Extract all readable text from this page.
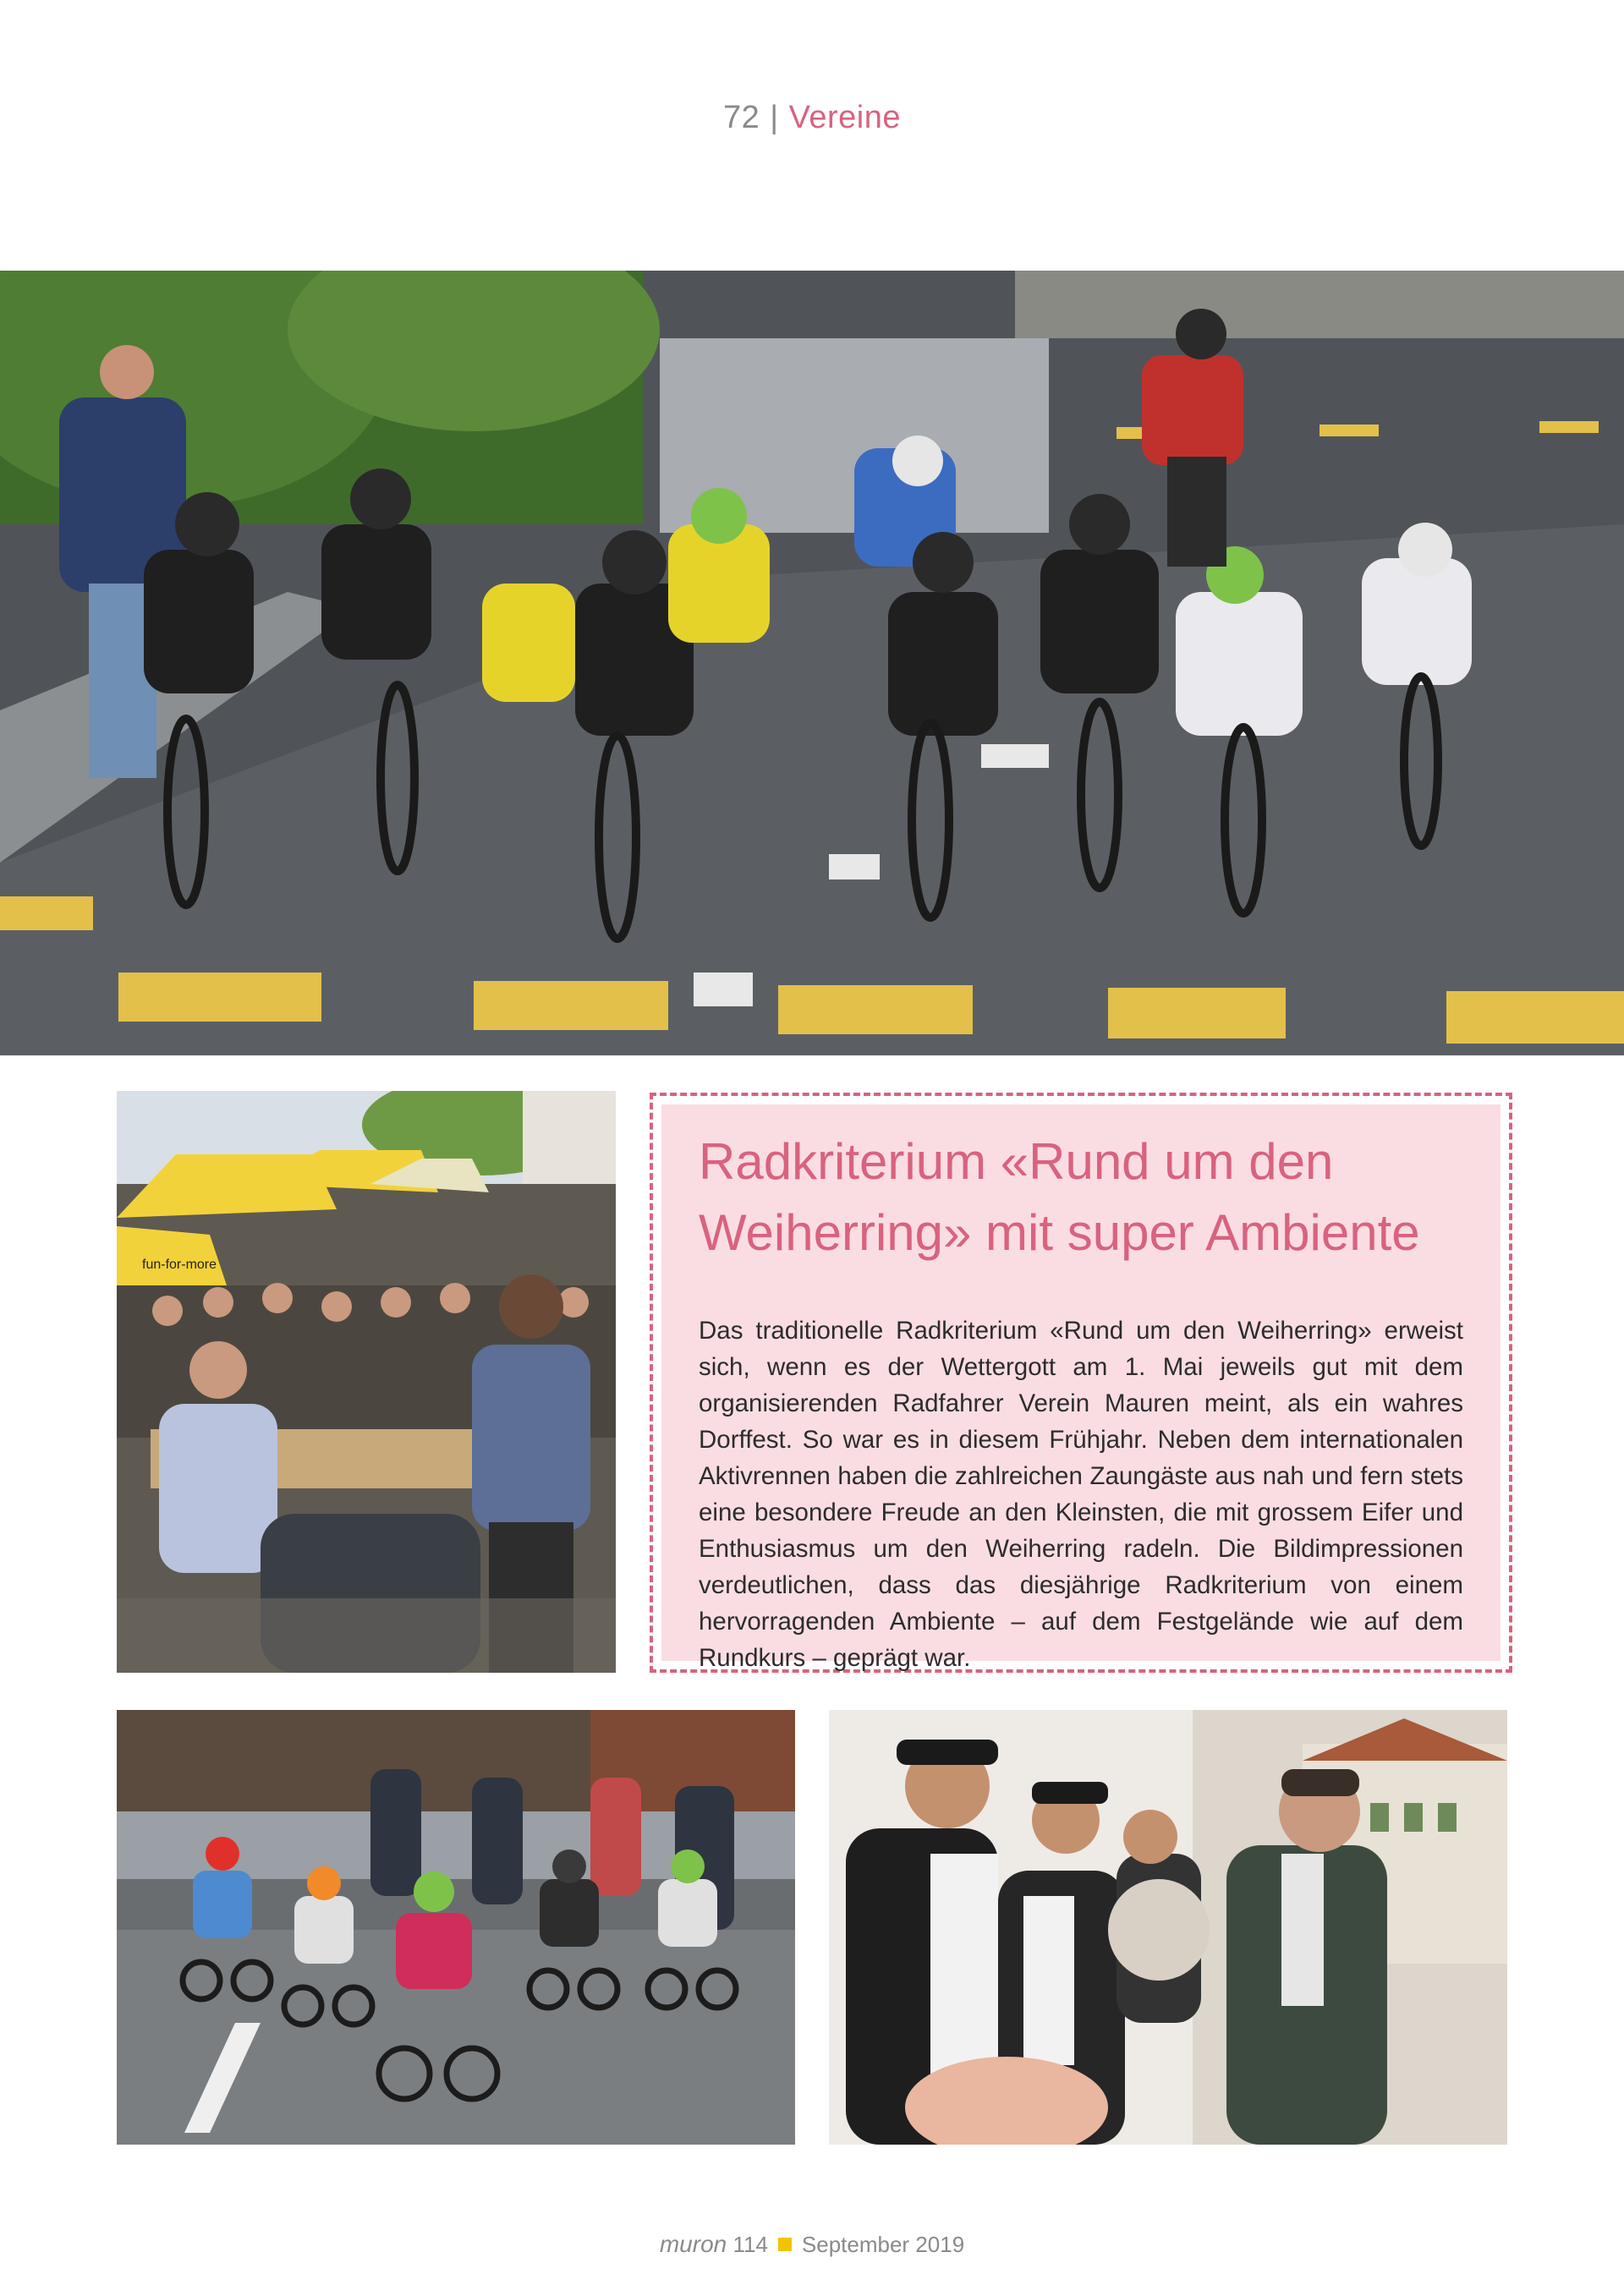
72 | Vereine
fun-for-more
Radkriterium «Rund um den Weiherring» mit super Ambiente

Das traditionelle Radkriterium «Rund um den Weiherring» erweist sich, wenn es der Wettergott am 1. Mai jeweils gut mit dem organisierenden Radfahrer Verein Mauren meint, als ein wahres Dorffest. So war es in diesem Frühjahr. Neben dem internationalen Aktivrennen haben die zahlreichen Zaungäste aus nah und fern stets eine besondere Freude an den Kleinsten, die mit grossem Eifer und Enthusiasmus um den Weiherring radeln. Die Bildimpressionen verdeutlichen, dass das diesjährige Radkriterium von einem hervorragenden Ambiente – auf dem Festgelände wie auf dem Rundkurs – geprägt war.

muron 114 September 2019
